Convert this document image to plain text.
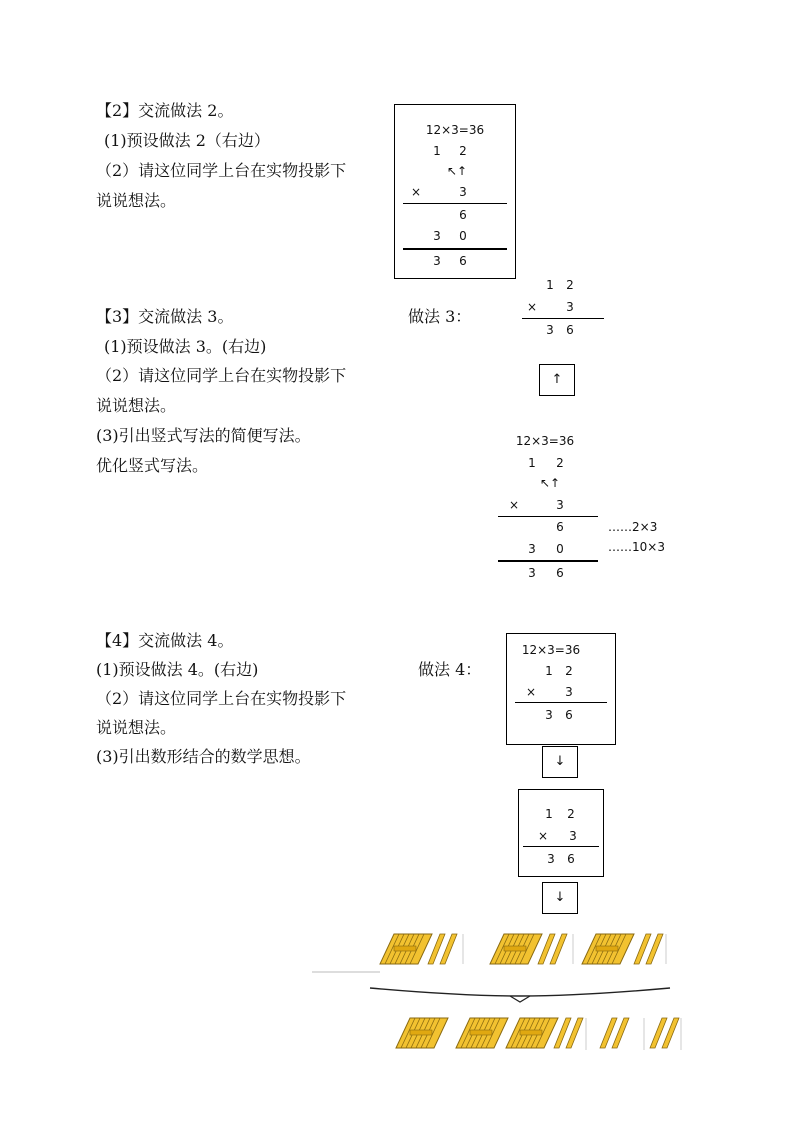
【2】交流做法 2。
(1)预设做法 2（右边）
（2）请这位同学上台在实物投影下
说说想法。
12×3=36
1 2
↖↑
×	3
6
3 0
3 6
【3】交流做法 3。
(1)预设做法 3。(右边)
（2）请这位同学上台在实物投影下
说说想法。
(3)引出竖式写法的简便写法。
优化竖式写法。
做法 3：
1 2
× 3
3 6
↑
12×3=36
1 2
↖↑
×	3
6	……2×3
3 0	……10×3
3 6
【4】交流做法 4。
(1)预设做法 4。(右边)
（2）请这位同学上台在实物投影下
说说想法。
(3)引出数形结合的数学思想。
做法 4：
12×3=36
1 2
× 3
3 6
↓
1 2
× 3
3 6
↓
